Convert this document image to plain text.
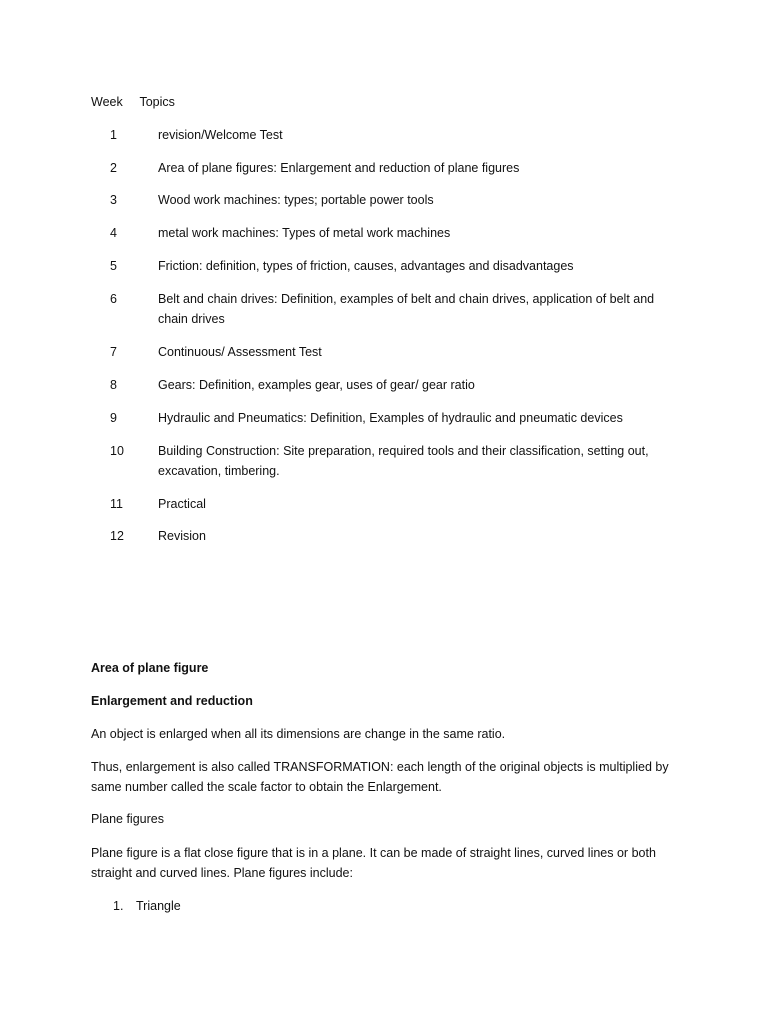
Week Topics
1	revision/Welcome Test
2	Area of plane figures: Enlargement and reduction of plane figures
3	Wood work machines: types; portable power tools
4	metal work machines: Types of metal work machines
5	Friction: definition, types of friction, causes, advantages and disadvantages
6	Belt and chain drives: Definition, examples of belt and chain drives, application of belt and chain drives
7	Continuous/ Assessment Test
8	Gears: Definition, examples gear, uses of gear/ gear ratio
9	Hydraulic and Pneumatics: Definition, Examples of hydraulic and pneumatic devices
10	Building Construction: Site preparation, required tools and their classification, setting out, excavation, timbering.
11	Practical
12	Revision
Area of plane figure
Enlargement and reduction
An object is enlarged when all its dimensions are change in the same ratio.
Thus, enlargement is also called TRANSFORMATION: each length of the original objects is multiplied by same number called the scale factor to obtain the Enlargement.
Plane figures
Plane figure is a flat close figure that is in a plane. It can be made of straight lines, curved lines or both straight and curved lines. Plane figures include:
1. Triangle
